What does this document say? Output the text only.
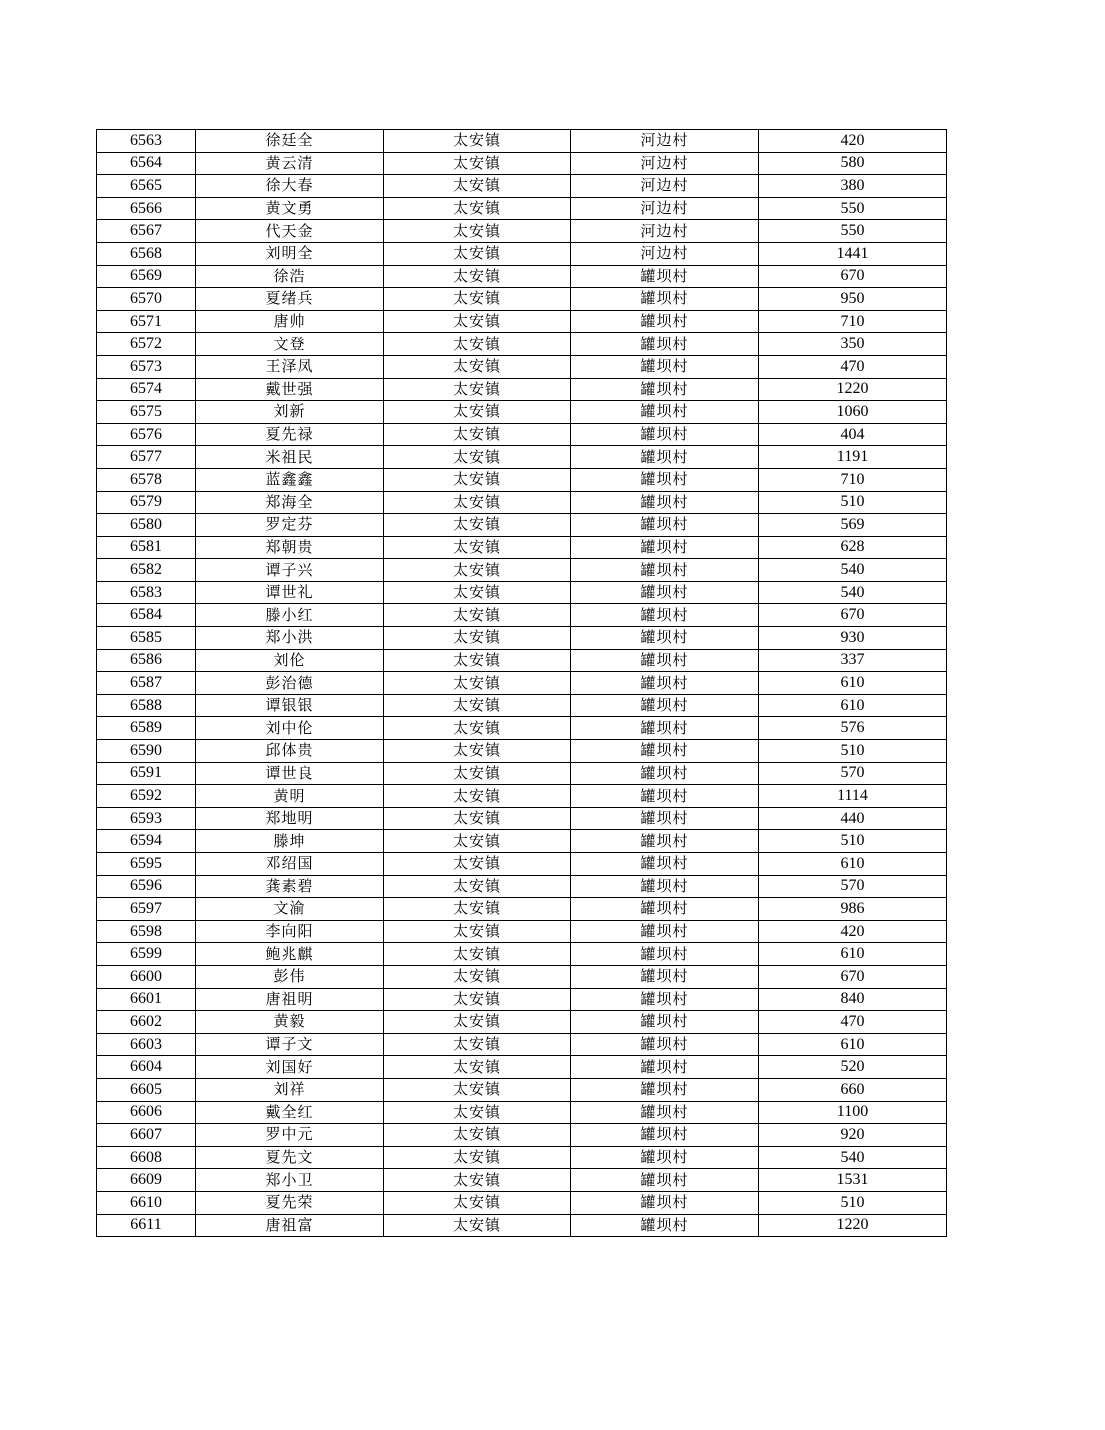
6563	徐廷全	太安镇	河边村	420
6564	黄云清	太安镇	河边村	580
6565	徐大春	太安镇	河边村	380
6566	黄文勇	太安镇	河边村	550
6567	代天金	太安镇	河边村	550
6568	刘明全	太安镇	河边村	1441
6569	徐浩	太安镇	罐坝村	670
6570	夏绪兵	太安镇	罐坝村	950
6571	唐帅	太安镇	罐坝村	710
6572	文登	太安镇	罐坝村	350
6573	王泽凤	太安镇	罐坝村	470
6574	戴世强	太安镇	罐坝村	1220
6575	刘新	太安镇	罐坝村	1060
6576	夏先禄	太安镇	罐坝村	404
6577	米祖民	太安镇	罐坝村	1191
6578	蓝鑫鑫	太安镇	罐坝村	710
6579	郑海全	太安镇	罐坝村	510
6580	罗定芬	太安镇	罐坝村	569
6581	郑朝贵	太安镇	罐坝村	628
6582	谭子兴	太安镇	罐坝村	540
6583	谭世礼	太安镇	罐坝村	540
6584	滕小红	太安镇	罐坝村	670
6585	郑小洪	太安镇	罐坝村	930
6586	刘伦	太安镇	罐坝村	337
6587	彭治德	太安镇	罐坝村	610
6588	谭银银	太安镇	罐坝村	610
6589	刘中伦	太安镇	罐坝村	576
6590	邱体贵	太安镇	罐坝村	510
6591	谭世良	太安镇	罐坝村	570
6592	黄明	太安镇	罐坝村	1114
6593	郑地明	太安镇	罐坝村	440
6594	滕坤	太安镇	罐坝村	510
6595	邓绍国	太安镇	罐坝村	610
6596	龚素碧	太安镇	罐坝村	570
6597	文渝	太安镇	罐坝村	986
6598	李向阳	太安镇	罐坝村	420
6599	鲍兆麒	太安镇	罐坝村	610
6600	彭伟	太安镇	罐坝村	670
6601	唐祖明	太安镇	罐坝村	840
6602	黄毅	太安镇	罐坝村	470
6603	谭子文	太安镇	罐坝村	610
6604	刘国好	太安镇	罐坝村	520
6605	刘祥	太安镇	罐坝村	660
6606	戴全红	太安镇	罐坝村	1100
6607	罗中元	太安镇	罐坝村	920
6608	夏先文	太安镇	罐坝村	540
6609	郑小卫	太安镇	罐坝村	1531
6610	夏先荣	太安镇	罐坝村	510
6611	唐祖富	太安镇	罐坝村	1220
